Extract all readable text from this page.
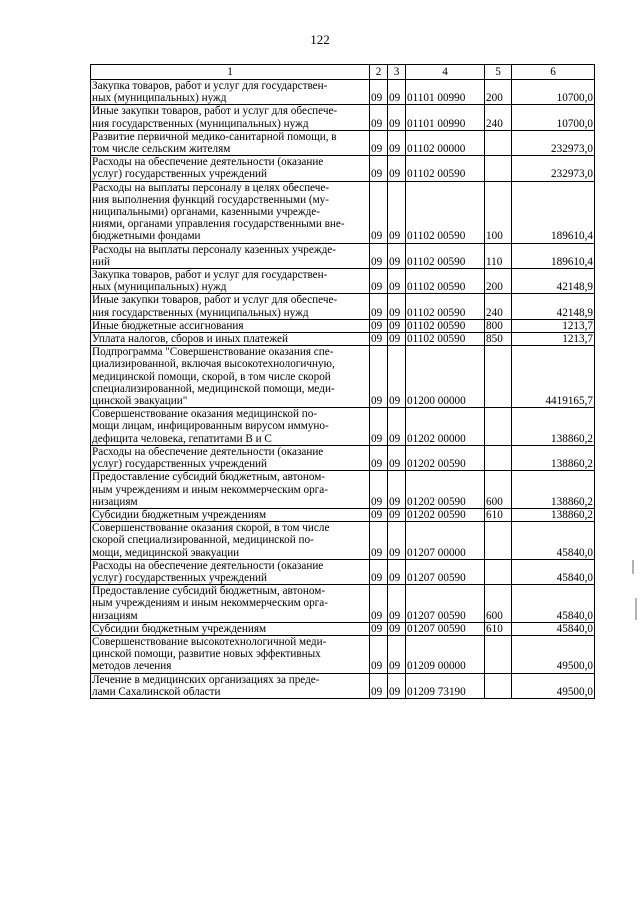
122
1	2	3	4	5	6
Закупка товаров, работ и услуг для государствен-
ных (муниципальных) нужд	09	09	01101 00990	200	10700,0
Иные закупки товаров, работ и услуг для обеспече-
ния государственных (муниципальных) нужд	09	09	01101 00990	240	10700,0
Развитие первичной медико-санитарной помощи, в
том числе сельским жителям	09	09	01102 00000		232973,0
Расходы на обеспечение деятельности (оказание
услуг) государственных учреждений	09	09	01102 00590		232973,0
Расходы на выплаты персоналу в целях обеспече-
ния выполнения функций государственными (му-
ниципальными) органами, казенными учрежде-
ниями, органами управления государственными вне-
бюджетными фондами	09	09	01102 00590	100	189610,4
Расходы на выплаты персоналу казенных учрежде-
ний	09	09	01102 00590	110	189610,4
Закупка товаров, работ и услуг для государствен-
ных (муниципальных) нужд	09	09	01102 00590	200	42148,9
Иные закупки товаров, работ и услуг для обеспече-
ния государственных (муниципальных) нужд	09	09	01102 00590	240	42148,9
Иные бюджетные ассигнования	09	09	01102 00590	800	1213,7
Уплата налогов, сборов и иных платежей	09	09	01102 00590	850	1213,7
Подпрограмма "Совершенствование оказания спе-
циализированной, включая высокотехнологичную,
медицинской помощи, скорой, в том числе скорой
специализированной, медицинской помощи, меди-
цинской эвакуации"	09	09	01200 00000		4419165,7
Совершенствование оказания медицинской по-
мощи лицам, инфицированным вирусом иммуно-
дефицита человека, гепатитами В и С	09	09	01202 00000		138860,2
Расходы на обеспечение деятельности (оказание
услуг) государственных учреждений	09	09	01202 00590		138860,2
Предоставление субсидий бюджетным, автоном-
ным учреждениям и иным некоммерческим орга-
низациям	09	09	01202 00590	600	138860,2
Субсидии бюджетным учреждениям	09	09	01202 00590	610	138860,2
Совершенствование оказания скорой, в том числе
скорой специализированной, медицинской по-
мощи, медицинской эвакуации	09	09	01207 00000		45840,0
Расходы на обеспечение деятельности (оказание
услуг) государственных учреждений	09	09	01207 00590		45840,0
Предоставление субсидий бюджетным, автоном-
ным учреждениям и иным некоммерческим орга-
низациям	09	09	01207 00590	600	45840,0
Субсидии бюджетным учреждениям	09	09	01207 00590	610	45840,0
Совершенствование высокотехнологичной меди-
цинской помощи, развитие новых эффективных
методов лечения	09	09	01209 00000		49500,0
Лечение в медицинских организациях за преде-
лами Сахалинской области	09	09	01209 73190		49500,0
